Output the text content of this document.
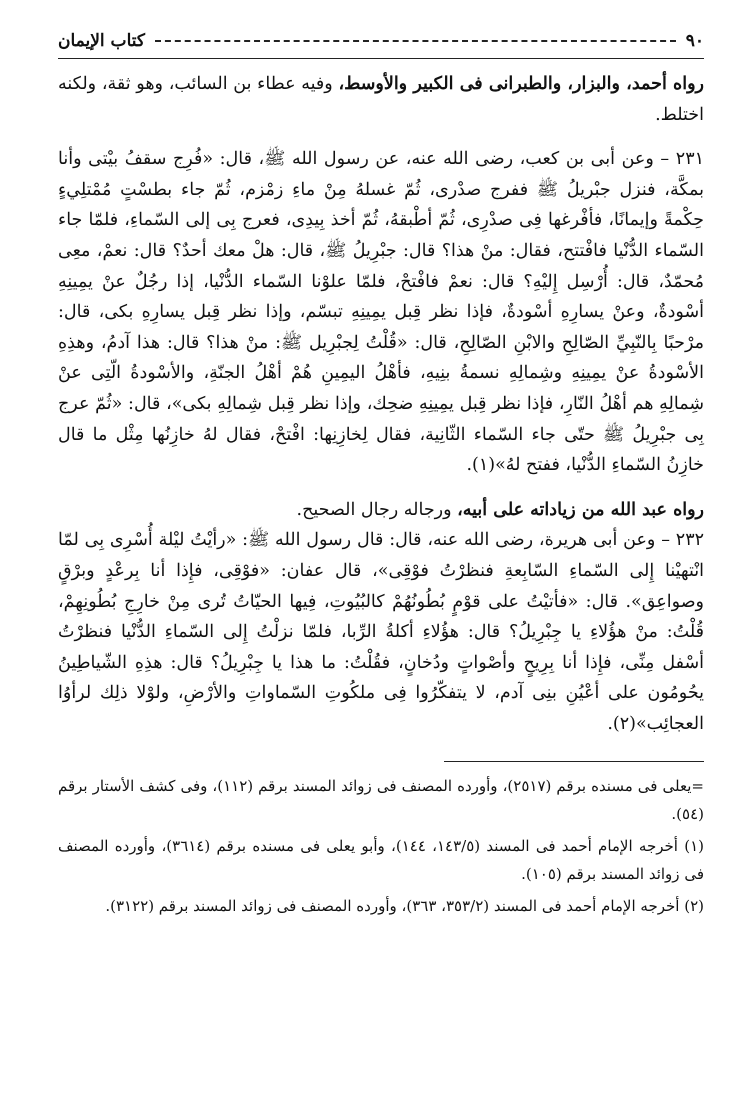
٩٠
كتاب الإيمان

رواه أحمد، والبزار، والطبرانى فى الكبير والأوسط، وفيه عطاء بن السائب، وهو ثقة، ولكنه اختلط.

٢٣١ – وعن أبى بن كعب، رضى الله عنه، عن رسول الله ﷺ، قال: «فُرِج سقفُ بيْتى وأنا بمكَّة، فنزل جبْريلُ ﷺ ففرج صدْرى، ثُمّ غسلهُ مِنْ ماءِ زمْزم، ثُمّ جاء بطسْتٍ مُمْتلِيءٍ حِكْمةً وإيمانًا، فأفْرغها فِى صدْرِى، ثُمّ أطْبقهُ، ثُمّ أخذ بِيدِى، فعرج بِى إلى السّماءِ، فلمّا جاء السّماء الدُّنْيا فافْتتح، فقال: منْ هذا؟ قال: جبْرِيلُ ﷺ، قال: هلْ معك أحدٌ؟ قال: نعمْ، معِى مُحمّدٌ، قال: أُرْسِل إِليْهِ؟ قال: نعمْ فافْتحْ، فلمّا علوْنا السّماء الدُّنْيا، إذا رجُلٌ عنْ يمِينِهِ أسْودةٌ، وعنْ يسارِهِ أسْودةٌ، فإذا نظر قِبل يمِينِهِ تبسّم، وإذا نظر قِبل يسارِهِ بكى، قال: مرْحبًا بِالنّبِيِّ الصّالِحِ والابْنِ الصّالِحِ، قال: «قُلْتُ لِجبْرِيل ﷺ: منْ هذا؟ قال: هذا آدمُ، وهذِهِ الأسْودةُ عنْ يمِينِهِ وشِمالِهِ نسمةُ بنِيهِ، فأهْلُ اليمِينِ هُمْ أهْلُ الجنّةِ، والأسْودةُ الّتِى عنْ شِمالِهِ هم أهْلُ النّارِ، فإذا نظر قِبل يمِينِهِ ضحِك، وإذا نظر قِبل شِمالِهِ بكى»، قال: «ثُمّ عرج بِى جبْرِيلُ ﷺ حتّى جاء السّماء الثّانِية، فقال لِخازِنِها: افْتحْ، فقال لهُ خازِنُها مِثْل ما قال خازِنُ السّماءِ الدُّنْيا، ففتح لهُ»(١).

رواه عبد الله من زياداته على أبيه، ورجاله رجال الصحيح.

٢٣٢ – وعن أبى هريرة، رضى الله عنه، قال: قال رسول الله ﷺ: «رأيْتُ ليْلة أُسْرِى بِى لمّا انْتهيْنا إِلى السّماءِ السّابِعةِ فنظرْتُ فوْقِى»، قال عفان: «فوْقِى، فإِذا أنا بِرعْدٍ وبرْقٍ وصواعِق». قال: «فأتيْتُ على قوْمٍ بُطُونُهُمْ كالبُيُوتِ، فِيها الحيّاتُ تُرى مِنْ خارِجِ بُطُونِهِمْ، قُلْتُ: منْ هؤُلاءِ يا جِبْرِيلُ؟ قال: هؤُلاءِ أكلةُ الرِّبا، فلمّا نزلْتُ إِلى السّماءِ الدُّنْيا فنظرْتُ أسْفل مِنِّى، فإِذا أنا بِرِيحٍ وأصْواتٍ ودُخانٍ، فقُلْتُ: ما هذا يا جِبْرِيلُ؟ قال: هذِهِ الشّياطِينُ يحُومُون على أعْيُنِ بنِى آدم، لا يتفكّرُوا فِى ملكُوتِ السّماواتِ والأرْضِ، ولوْلا ذلِك لرأوُا العجائِب»(٢).

=يعلى فى مسنده برقم (٢٥١٧)، وأورده المصنف فى زوائد المسند برقم (١١٢)، وفى كشف الأستار برقم (٥٤).

(١) أخرجه الإمام أحمد فى المسند (١٤٣/٥، ١٤٤)، وأبو يعلى فى مسنده برقم (٣٦١٤)، وأورده المصنف فى زوائد المسند برقم (١٠٥).

(٢) أخرجه الإمام أحمد فى المسند (٣٥٣/٢، ٣٦٣)، وأورده المصنف فى زوائد المسند برقم (٣١٢٢).
